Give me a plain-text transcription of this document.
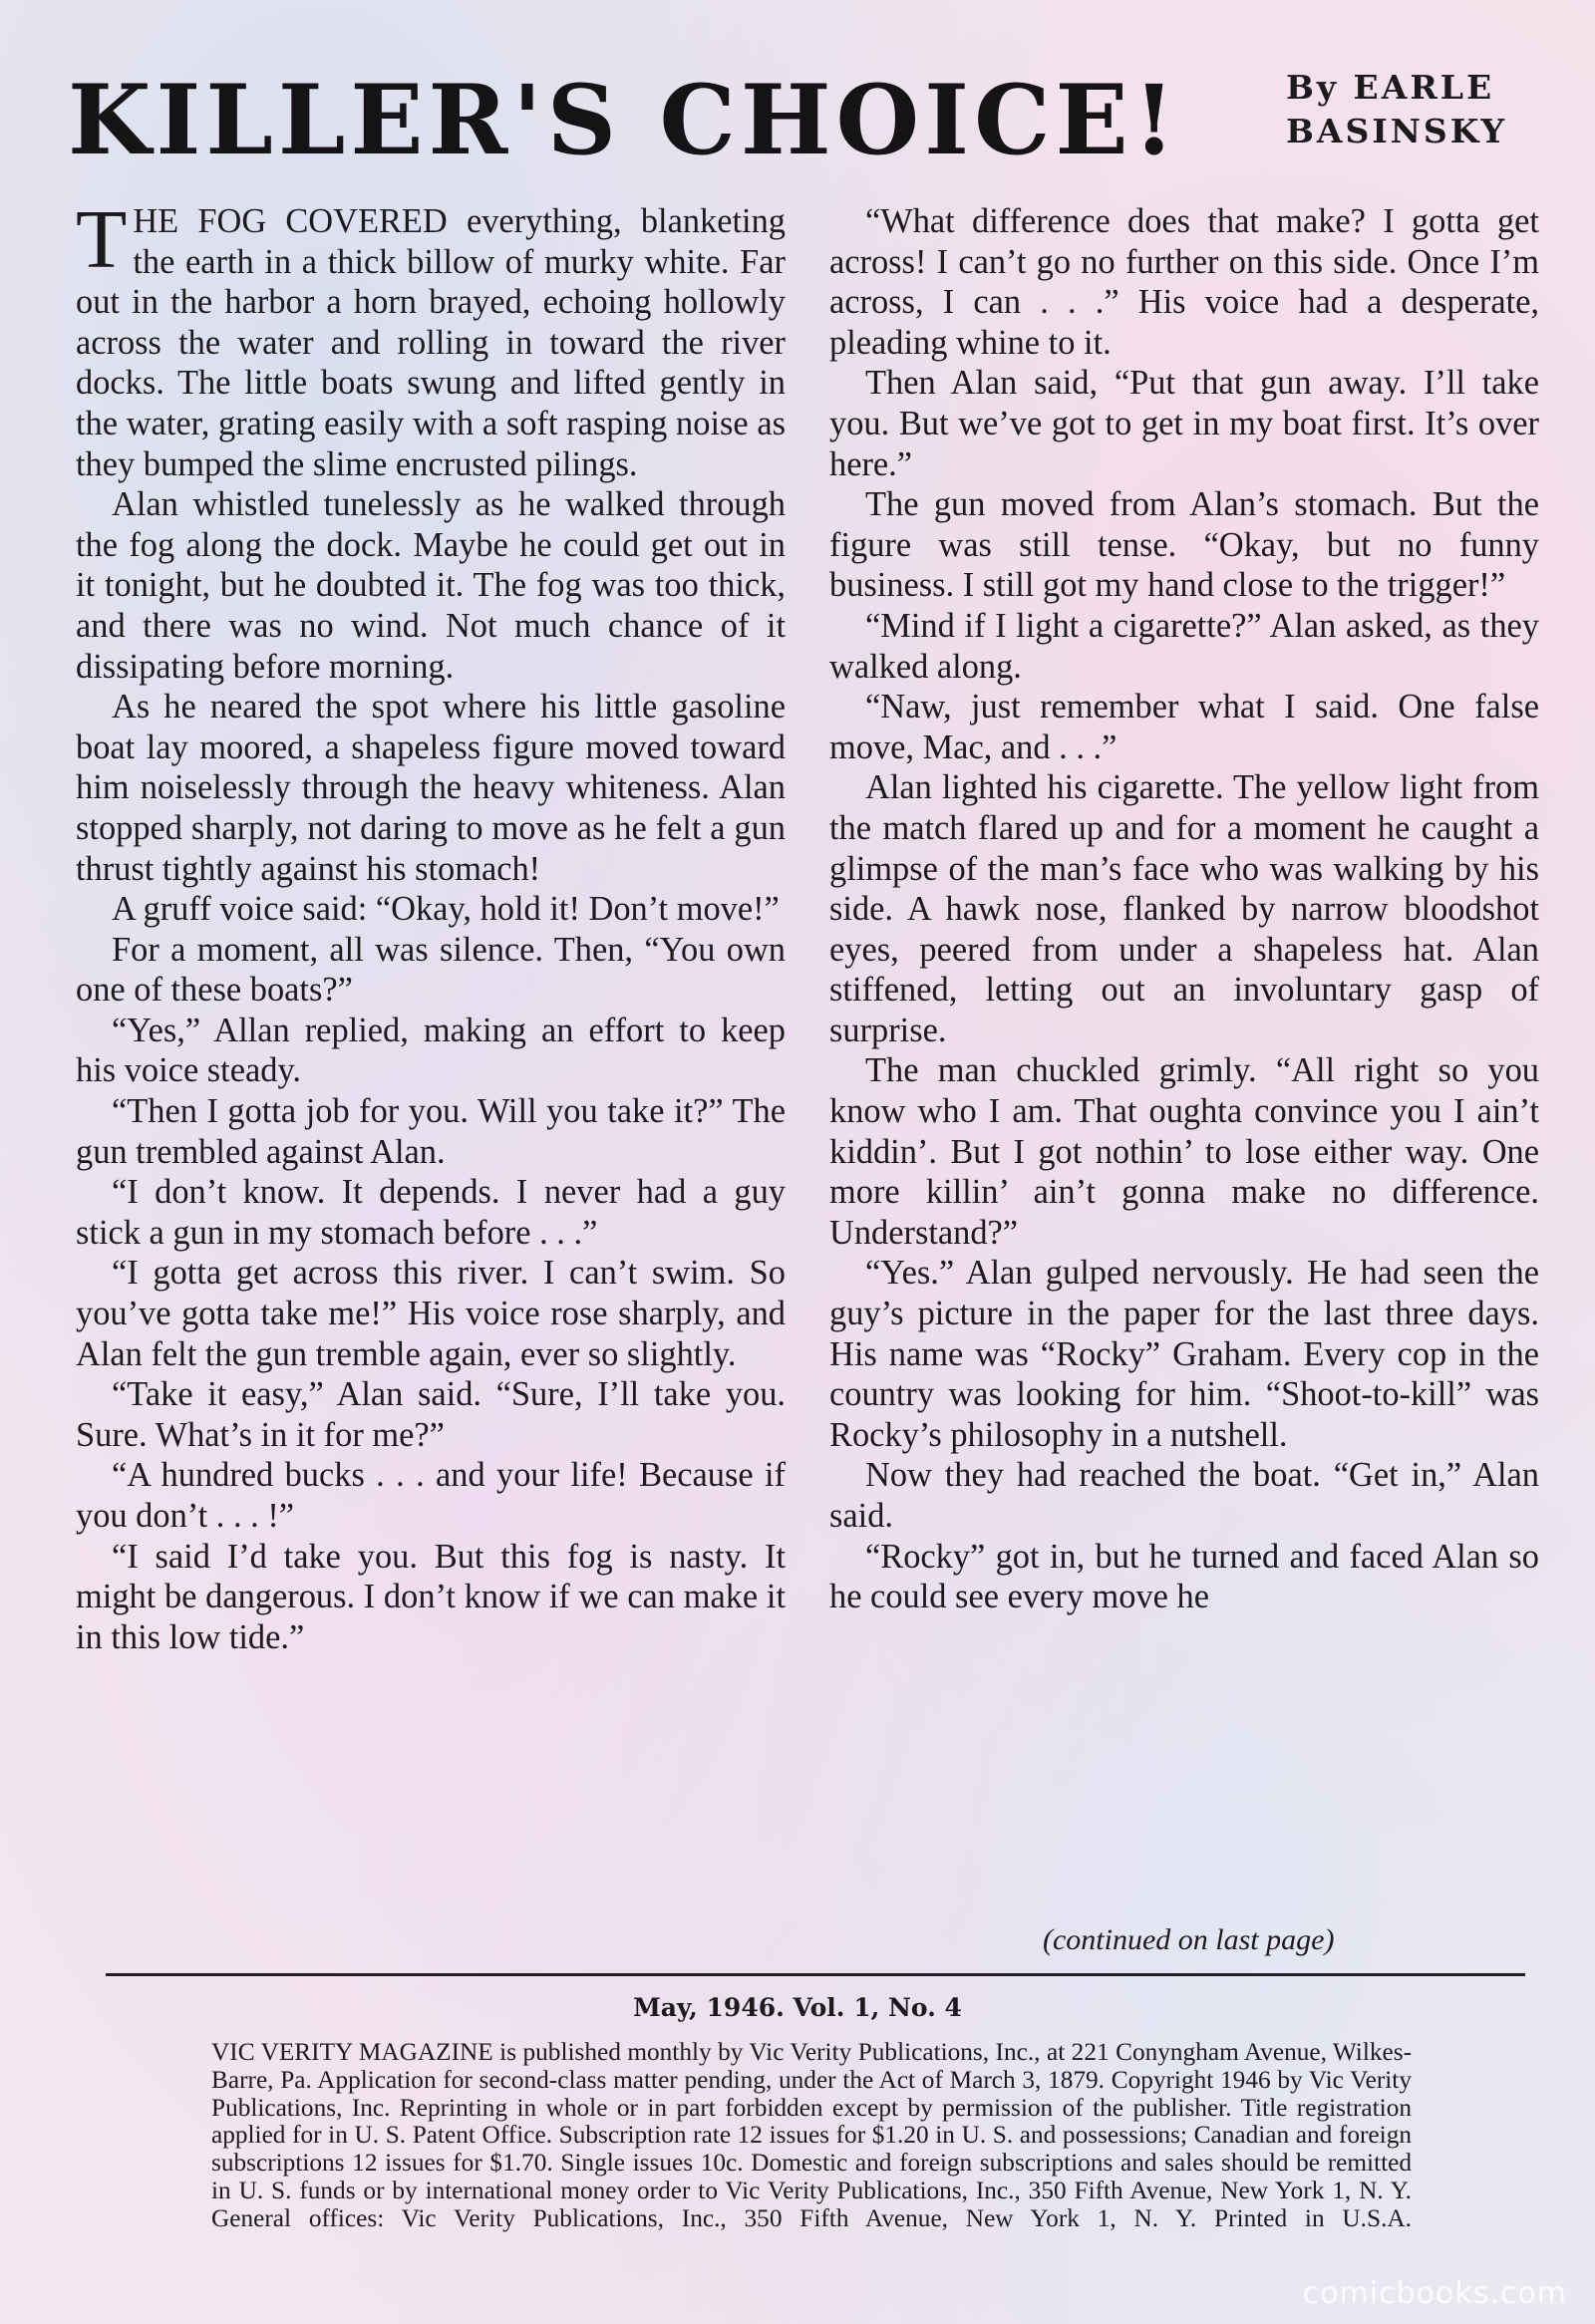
KILLER'S CHOICE!	By EARLE
BASINSKY

THE FOG COVERED everything, blanketing the earth in a thick billow of murky white. Far out in the harbor a horn brayed, echoing hollowly across the water and rolling in toward the river docks. The little boats swung and lifted gently in the water, grating easily with a soft rasping noise as they bumped the slime encrusted pilings.

Alan whistled tunelessly as he walked through the fog along the dock. Maybe he could get out in it tonight, but he doubted it. The fog was too thick, and there was no wind. Not much chance of it dissipating before morning.

As he neared the spot where his little gasoline boat lay moored, a shapeless figure moved toward him noiselessly through the heavy whiteness. Alan stopped sharply, not daring to move as he felt a gun thrust tightly against his stomach!

A gruff voice said: “Okay, hold it! Don’t move!”

For a moment, all was silence. Then, “You own one of these boats?”

“Yes,” Allan replied, making an effort to keep his voice steady.

“Then I gotta job for you. Will you take it?” The gun trembled against Alan.

“I don’t know. It depends. I never had a guy stick a gun in my stomach before . . .”

“I gotta get across this river. I can’t swim. So you’ve gotta take me!” His voice rose sharply, and Alan felt the gun tremble again, ever so slightly.

“Take it easy,” Alan said. “Sure, I’ll take you. Sure. What’s in it for me?”

“A hundred bucks . . . and your life! Because if you don’t . . . !”

“I said I’d take you. But this fog is nasty. It might be dangerous. I don’t know if we can make it in this low tide.”

“What difference does that make? I gotta get across! I can’t go no further on this side. Once I’m across, I can . . .” His voice had a desperate, pleading whine to it.

Then Alan said, “Put that gun away. I’ll take you. But we’ve got to get in my boat first. It’s over here.”

The gun moved from Alan’s stomach. But the figure was still tense. “Okay, but no funny business. I still got my hand close to the trigger!”

“Mind if I light a cigarette?” Alan asked, as they walked along.

“Naw, just remember what I said. One false move, Mac, and . . .”

Alan lighted his cigarette. The yellow light from the match flared up and for a moment he caught a glimpse of the man’s face who was walking by his side. A hawk nose, flanked by narrow bloodshot eyes, peered from under a shapeless hat. Alan stiffened, letting out an involuntary gasp of surprise.

The man chuckled grimly. “All right so you know who I am. That oughta convince you I ain’t kiddin’. But I got nothin’ to lose either way. One more killin’ ain’t gonna make no difference. Understand?”

“Yes.” Alan gulped nervously. He had seen the guy’s picture in the paper for the last three days. His name was “Rocky” Graham. Every cop in the country was looking for him. “Shoot-to-kill” was Rocky’s philosophy in a nutshell.

Now they had reached the boat. “Get in,” Alan said.

“Rocky” got in, but he turned and faced Alan so he could see every move he

(continued on last page)
May, 1946. Vol. 1, No. 4
VIC VERITY MAGAZINE is published monthly by Vic Verity Publications, Inc., at 221 Conyngham Avenue, Wilkes-Barre, Pa. Application for second-class matter pending, under the Act of March 3, 1879. Copyright 1946 by Vic Verity Publications, Inc. Reprinting in whole or in part forbidden except by permission of the publisher. Title registration applied for in U. S. Patent Office. Subscription rate 12 issues for $1.20 in U. S. and possessions; Canadian and foreign subscriptions 12 issues for $1.70. Single issues 10c. Domestic and foreign subscriptions and sales should be remitted in U. S. funds or by international money order to Vic Verity Publications, Inc., 350 Fifth Avenue, New York 1, N. Y. General offices: Vic Verity Publications, Inc., 350 Fifth Avenue, New York 1, N. Y. Printed in U.S.A.
comicbooks.com
